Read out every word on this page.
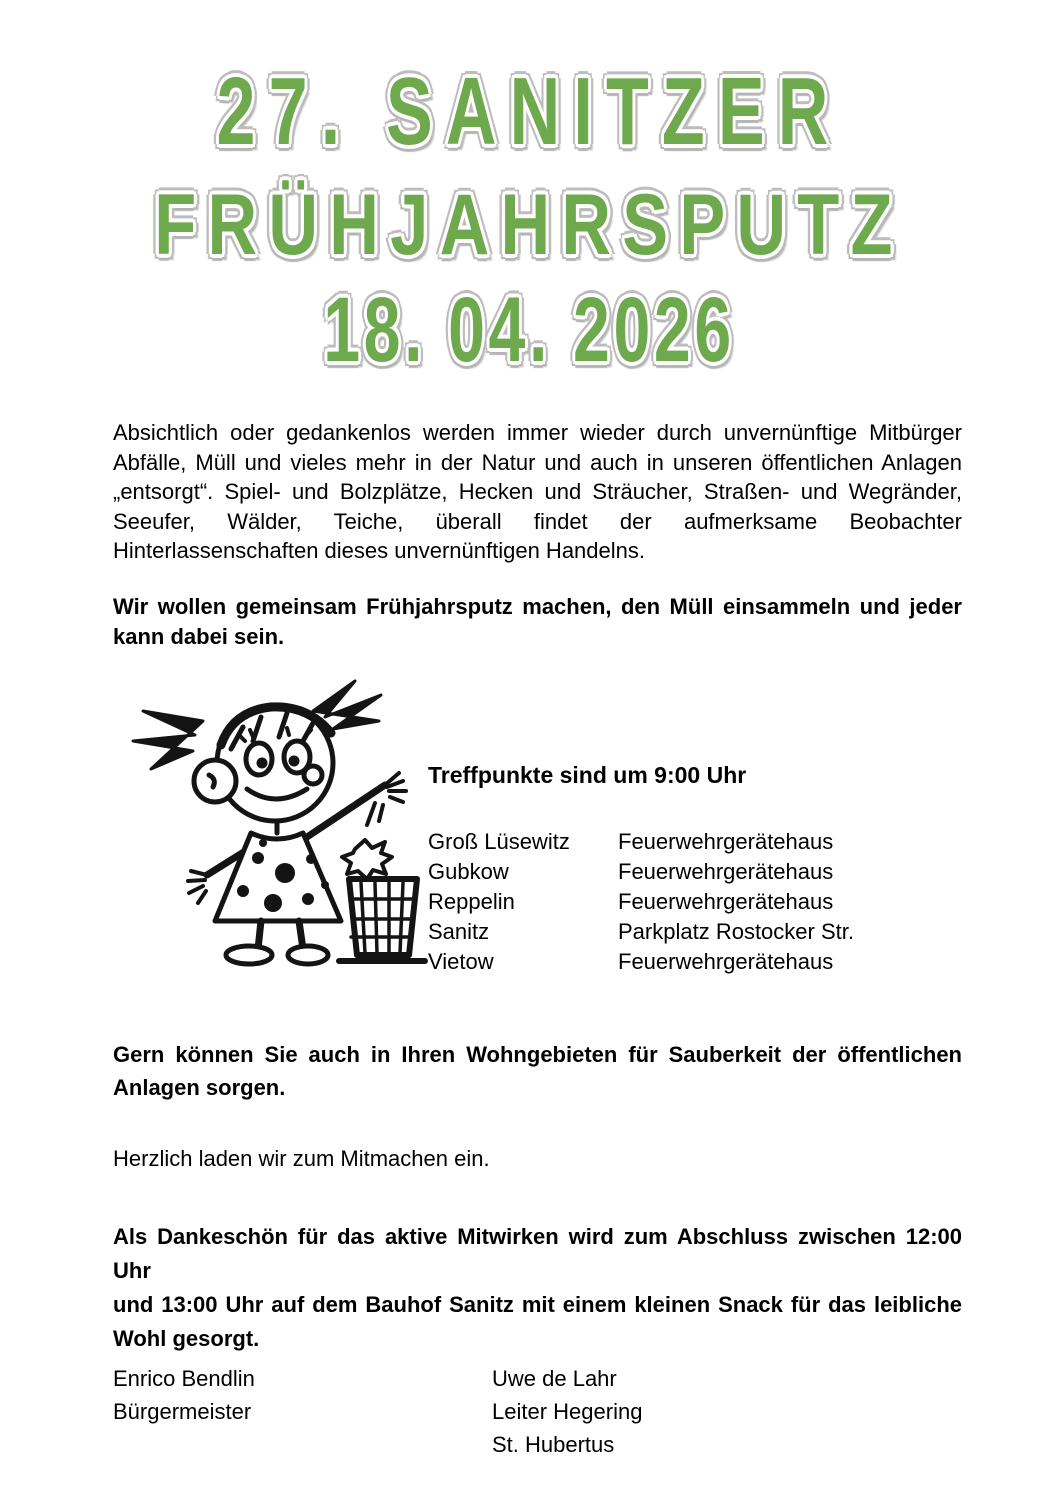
27. SANITZER
FRÜHJAHRSPUTZ
18. 04. 2026
Absichtlich oder gedankenlos werden immer wieder durch unvernünftige Mitbürger
Abfälle, Müll und vieles mehr in der Natur und auch in unseren öffentlichen Anlagen
„entsorgt“. Spiel- und Bolzplätze, Hecken und Sträucher, Straßen- und Wegränder,
Seeufer, Wälder, Teiche, überall findet der aufmerksame Beobachter
Hinterlassenschaften dieses unvernünftigen Handelns.
Wir wollen gemeinsam Frühjahrsputz machen, den Müll einsammeln und jeder
kann dabei sein.
Treffpunkte sind um 9:00 Uhr
Groß Lüsewitz	Feuerwehrgerätehaus
Gubkow	Feuerwehrgerätehaus
Reppelin	Feuerwehrgerätehaus
Sanitz	Parkplatz Rostocker Str.
Vietow	Feuerwehrgerätehaus
Gern können Sie auch in Ihren Wohngebieten für Sauberkeit der öffentlichen
Anlagen sorgen.
Herzlich laden wir zum Mitmachen ein.
Als Dankeschön für das aktive Mitwirken wird zum Abschluss zwischen 12:00 Uhr
und 13:00 Uhr auf dem Bauhof Sanitz mit einem kleinen Snack für das leibliche
Wohl gesorgt.
Enrico Bendlin
Bürgermeister
Uwe de Lahr
Leiter Hegering
St. Hubertus
